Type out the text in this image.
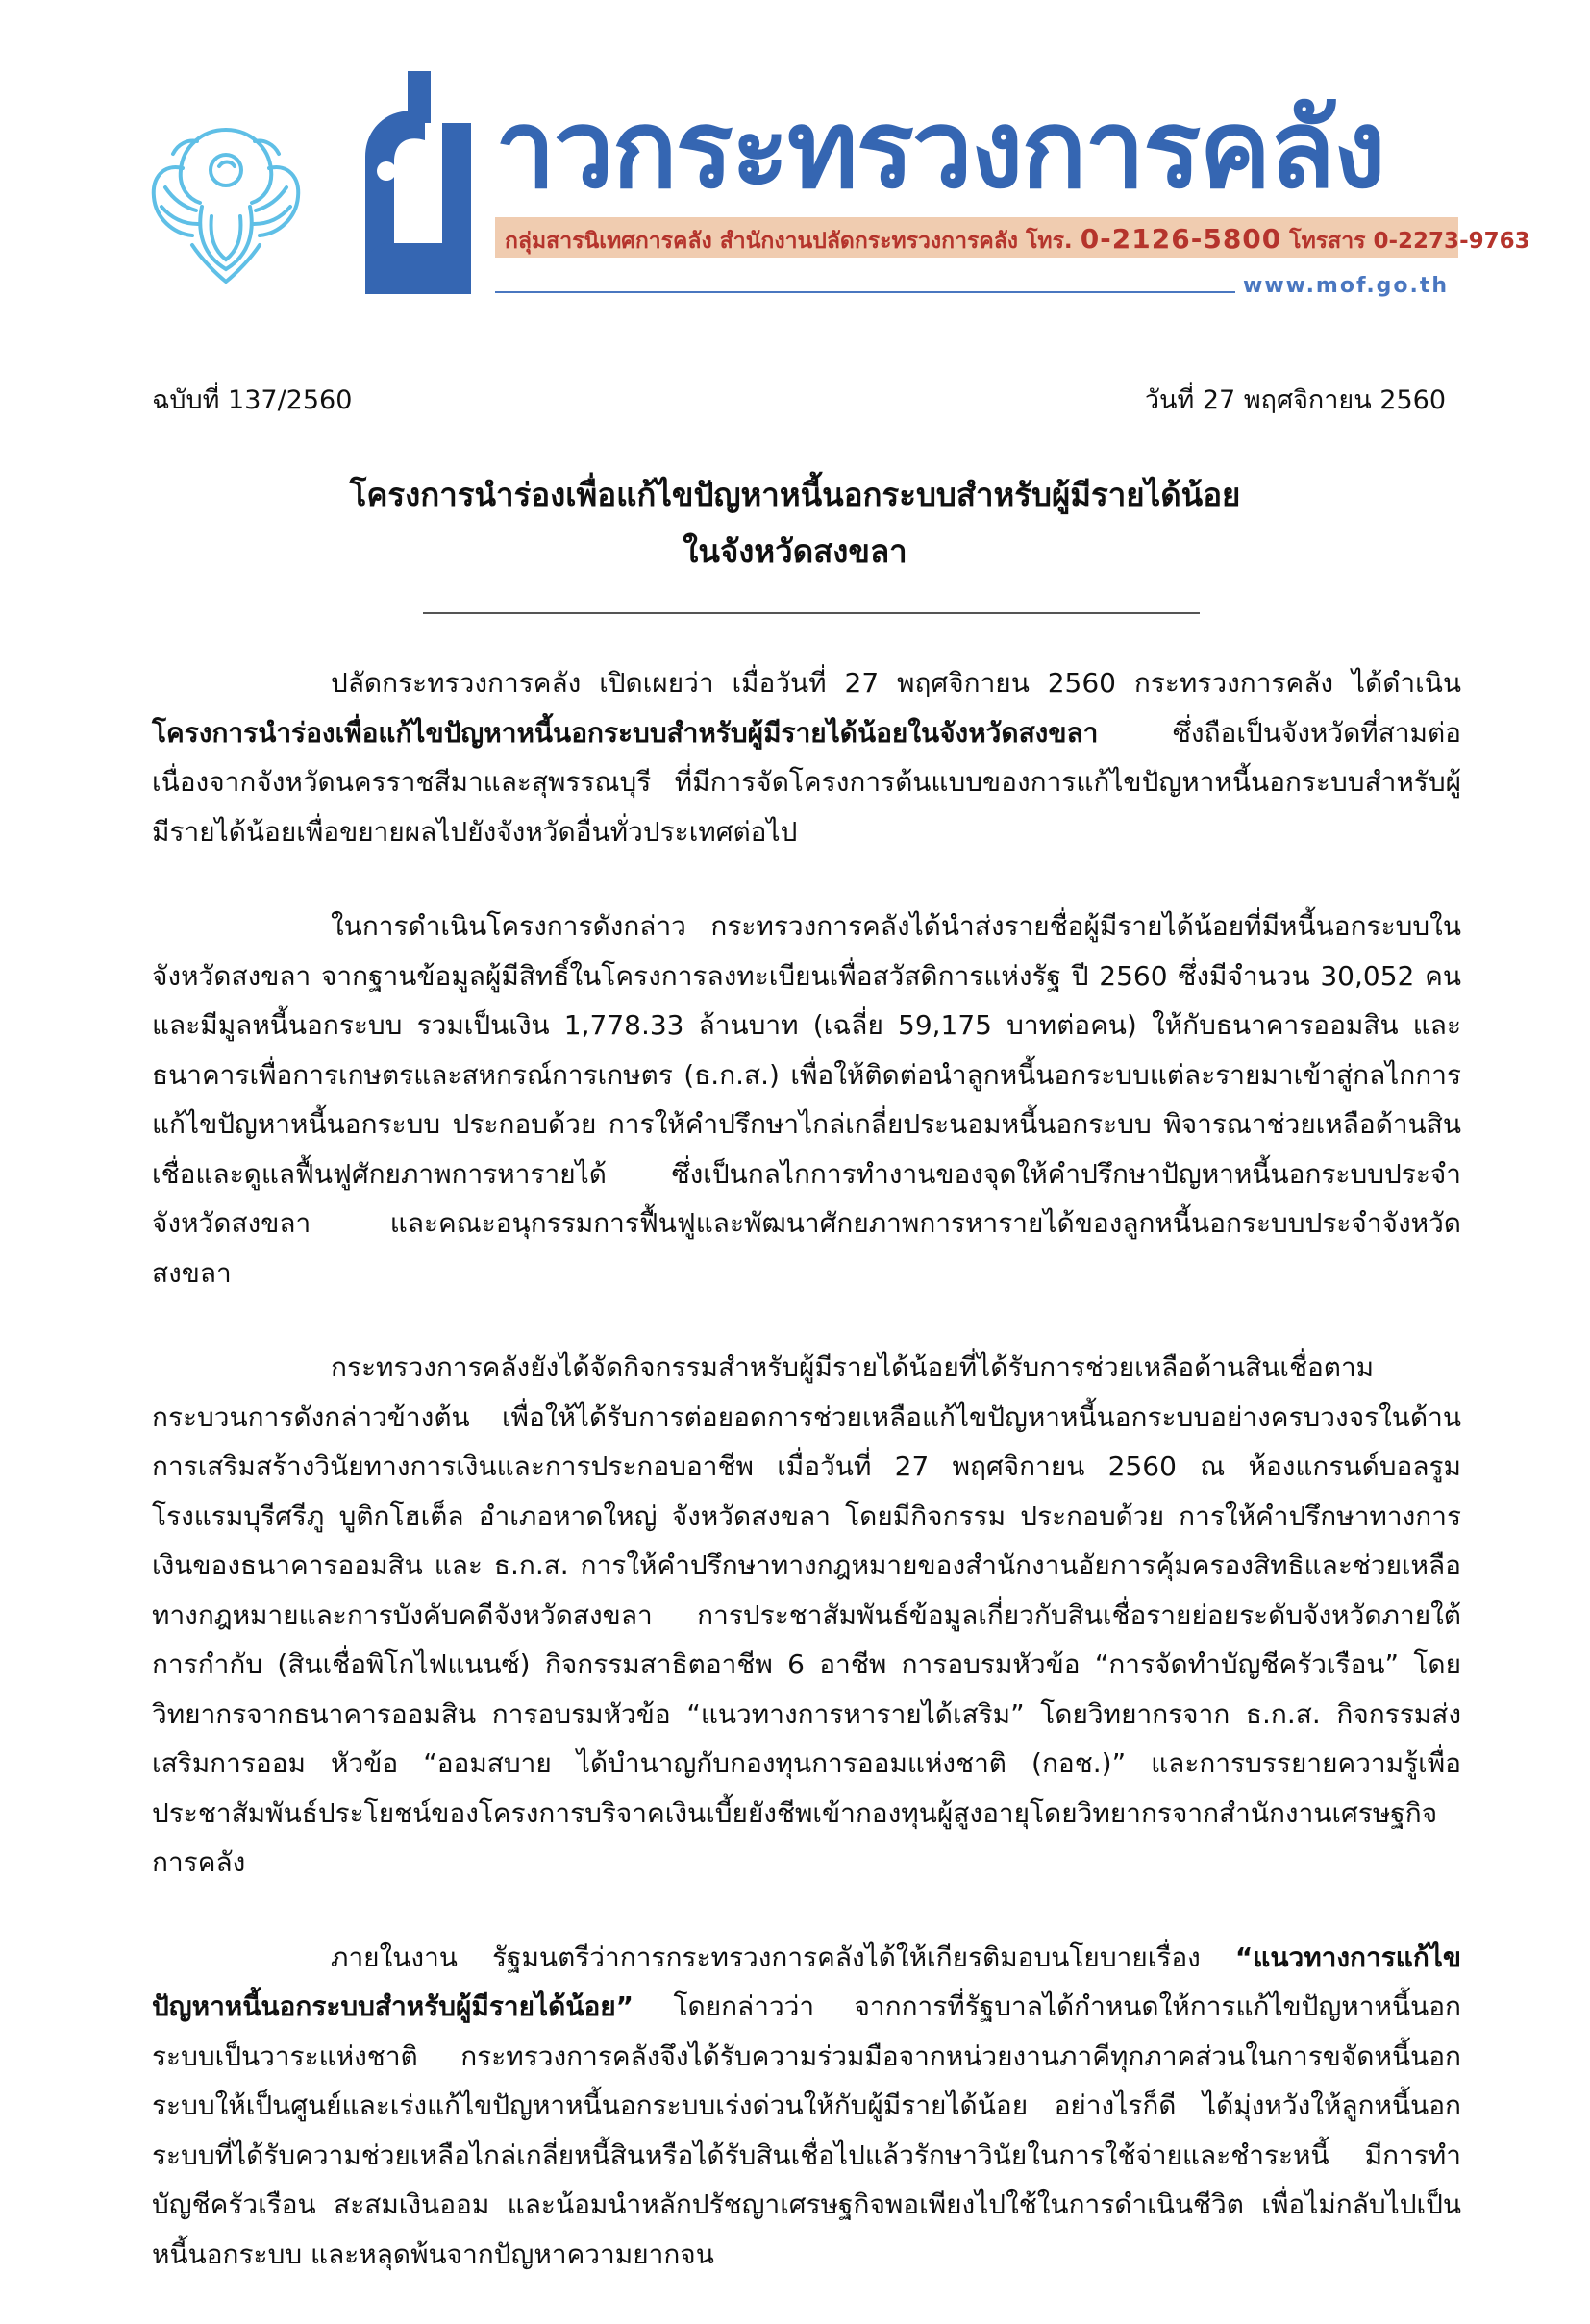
าวกระทรวงการคลัง
กลุ่มสารนิเทศการคลัง สำนักงานปลัดกระทรวงการคลัง โทร. 0-2126-5800 โทรสาร 0-2273-9763
www.mof.go.th
ฉบับที่ 137/2560	วันที่ 27 พฤศจิกายน 2560
โครงการนำร่องเพื่อแก้ไขปัญหาหนี้นอกระบบสำหรับผู้มีรายได้น้อย
ในจังหวัดสงขลา

ปลัดกระทรวงการคลัง เปิดเผยว่า เมื่อวันที่ 27 พฤศจิกายน 2560 กระทรวงการคลัง ได้ดำเนิน โครงการนำร่องเพื่อแก้ไขปัญหาหนี้นอกระบบสำหรับผู้มีรายได้น้อยในจังหวัดสงขลา ซึ่งถือเป็นจังหวัดที่สามต่อเนื่องจากจังหวัดนครราชสีมาและสุพรรณบุรี ที่มีการจัดโครงการต้นแบบของการแก้ไขปัญหาหนี้นอกระบบสำหรับผู้มีรายได้น้อยเพื่อขยายผลไปยังจังหวัดอื่นทั่วประเทศต่อไป

ในการดำเนินโครงการดังกล่าว กระทรวงการคลังได้นำส่งรายชื่อผู้มีรายได้น้อยที่มีหนี้นอกระบบในจังหวัดสงขลา จากฐานข้อมูลผู้มีสิทธิ์ในโครงการลงทะเบียนเพื่อสวัสดิการแห่งรัฐ ปี 2560 ซึ่งมีจำนวน 30,052 คน และมีมูลหนี้นอกระบบ รวมเป็นเงิน 1,778.33 ล้านบาท (เฉลี่ย 59,175 บาทต่อคน) ให้กับธนาคารออมสิน และธนาคารเพื่อการเกษตรและสหกรณ์การเกษตร (ธ.ก.ส.) เพื่อให้ติดต่อนำลูกหนี้นอกระบบแต่ละรายมาเข้าสู่กลไกการแก้ไขปัญหาหนี้นอกระบบ ประกอบด้วย การให้คำปรึกษาไกล่เกลี่ยประนอมหนี้นอกระบบ พิจารณาช่วยเหลือด้านสินเชื่อและดูแลฟื้นฟูศักยภาพการหารายได้ ซึ่งเป็นกลไกการทำงานของจุดให้คำปรึกษาปัญหาหนี้นอกระบบประจำจังหวัดสงขลา และคณะอนุกรรมการฟื้นฟูและพัฒนาศักยภาพการหารายได้ของลูกหนี้นอกระบบประจำจังหวัดสงขลา

กระทรวงการคลังยังได้จัดกิจกรรมสำหรับผู้มีรายได้น้อยที่ได้รับการช่วยเหลือด้านสินเชื่อตามกระบวนการดังกล่าวข้างต้น เพื่อให้ได้รับการต่อยอดการช่วยเหลือแก้ไขปัญหาหนี้นอกระบบอย่างครบวงจรในด้านการเสริมสร้างวินัยทางการเงินและการประกอบอาชีพ เมื่อวันที่ 27 พฤศจิกายน 2560 ณ ห้องแกรนด์บอลรูม โรงแรมบุรีศรีภู บูติกโฮเต็ล อำเภอหาดใหญ่ จังหวัดสงขลา โดยมีกิจกรรม ประกอบด้วย การให้คำปรึกษาทางการเงินของธนาคารออมสิน และ ธ.ก.ส. การให้คำปรึกษาทางกฎหมายของสำนักงานอัยการคุ้มครองสิทธิและช่วยเหลือทางกฎหมายและการบังคับคดีจังหวัดสงขลา การประชาสัมพันธ์ข้อมูลเกี่ยวกับสินเชื่อรายย่อยระดับจังหวัดภายใต้การกำกับ (สินเชื่อพิโกไฟแนนซ์) กิจกรรมสาธิตอาชีพ 6 อาชีพ การอบรมหัวข้อ “การจัดทำบัญชีครัวเรือน” โดยวิทยากรจากธนาคารออมสิน การอบรมหัวข้อ “แนวทางการหารายได้เสริม” โดยวิทยากรจาก ธ.ก.ส. กิจกรรมส่งเสริมการออม หัวข้อ “ออมสบาย ได้บำนาญกับกองทุนการออมแห่งชาติ (กอช.)” และการบรรยายความรู้เพื่อประชาสัมพันธ์ประโยชน์ของโครงการบริจาคเงินเบี้ยยังชีพเข้ากองทุนผู้สูงอายุโดยวิทยากรจากสำนักงานเศรษฐกิจการคลัง

ภายในงาน รัฐมนตรีว่าการกระทรวงการคลังได้ให้เกียรติมอบนโยบายเรื่อง “แนวทางการแก้ไขปัญหาหนี้นอกระบบสำหรับผู้มีรายได้น้อย” โดยกล่าวว่า จากการที่รัฐบาลได้กำหนดให้การแก้ไขปัญหาหนี้นอกระบบเป็นวาระแห่งชาติ กระทรวงการคลังจึงได้รับความร่วมมือจากหน่วยงานภาคีทุกภาคส่วนในการขจัดหนี้นอกระบบให้เป็นศูนย์และเร่งแก้ไขปัญหาหนี้นอกระบบเร่งด่วนให้กับผู้มีรายได้น้อย อย่างไรก็ดี ได้มุ่งหวังให้ลูกหนี้นอกระบบที่ได้รับความช่วยเหลือไกล่เกลี่ยหนี้สินหรือได้รับสินเชื่อไปแล้วรักษาวินัยในการใช้จ่ายและชำระหนี้ มีการทำบัญชีครัวเรือน สะสมเงินออม และน้อมนำหลักปรัชญาเศรษฐกิจพอเพียงไปใช้ในการดำเนินชีวิต เพื่อไม่กลับไปเป็นหนี้นอกระบบ และหลุดพ้นจากปัญหาความยากจน

ข่าวกระทรวงการคลัง
